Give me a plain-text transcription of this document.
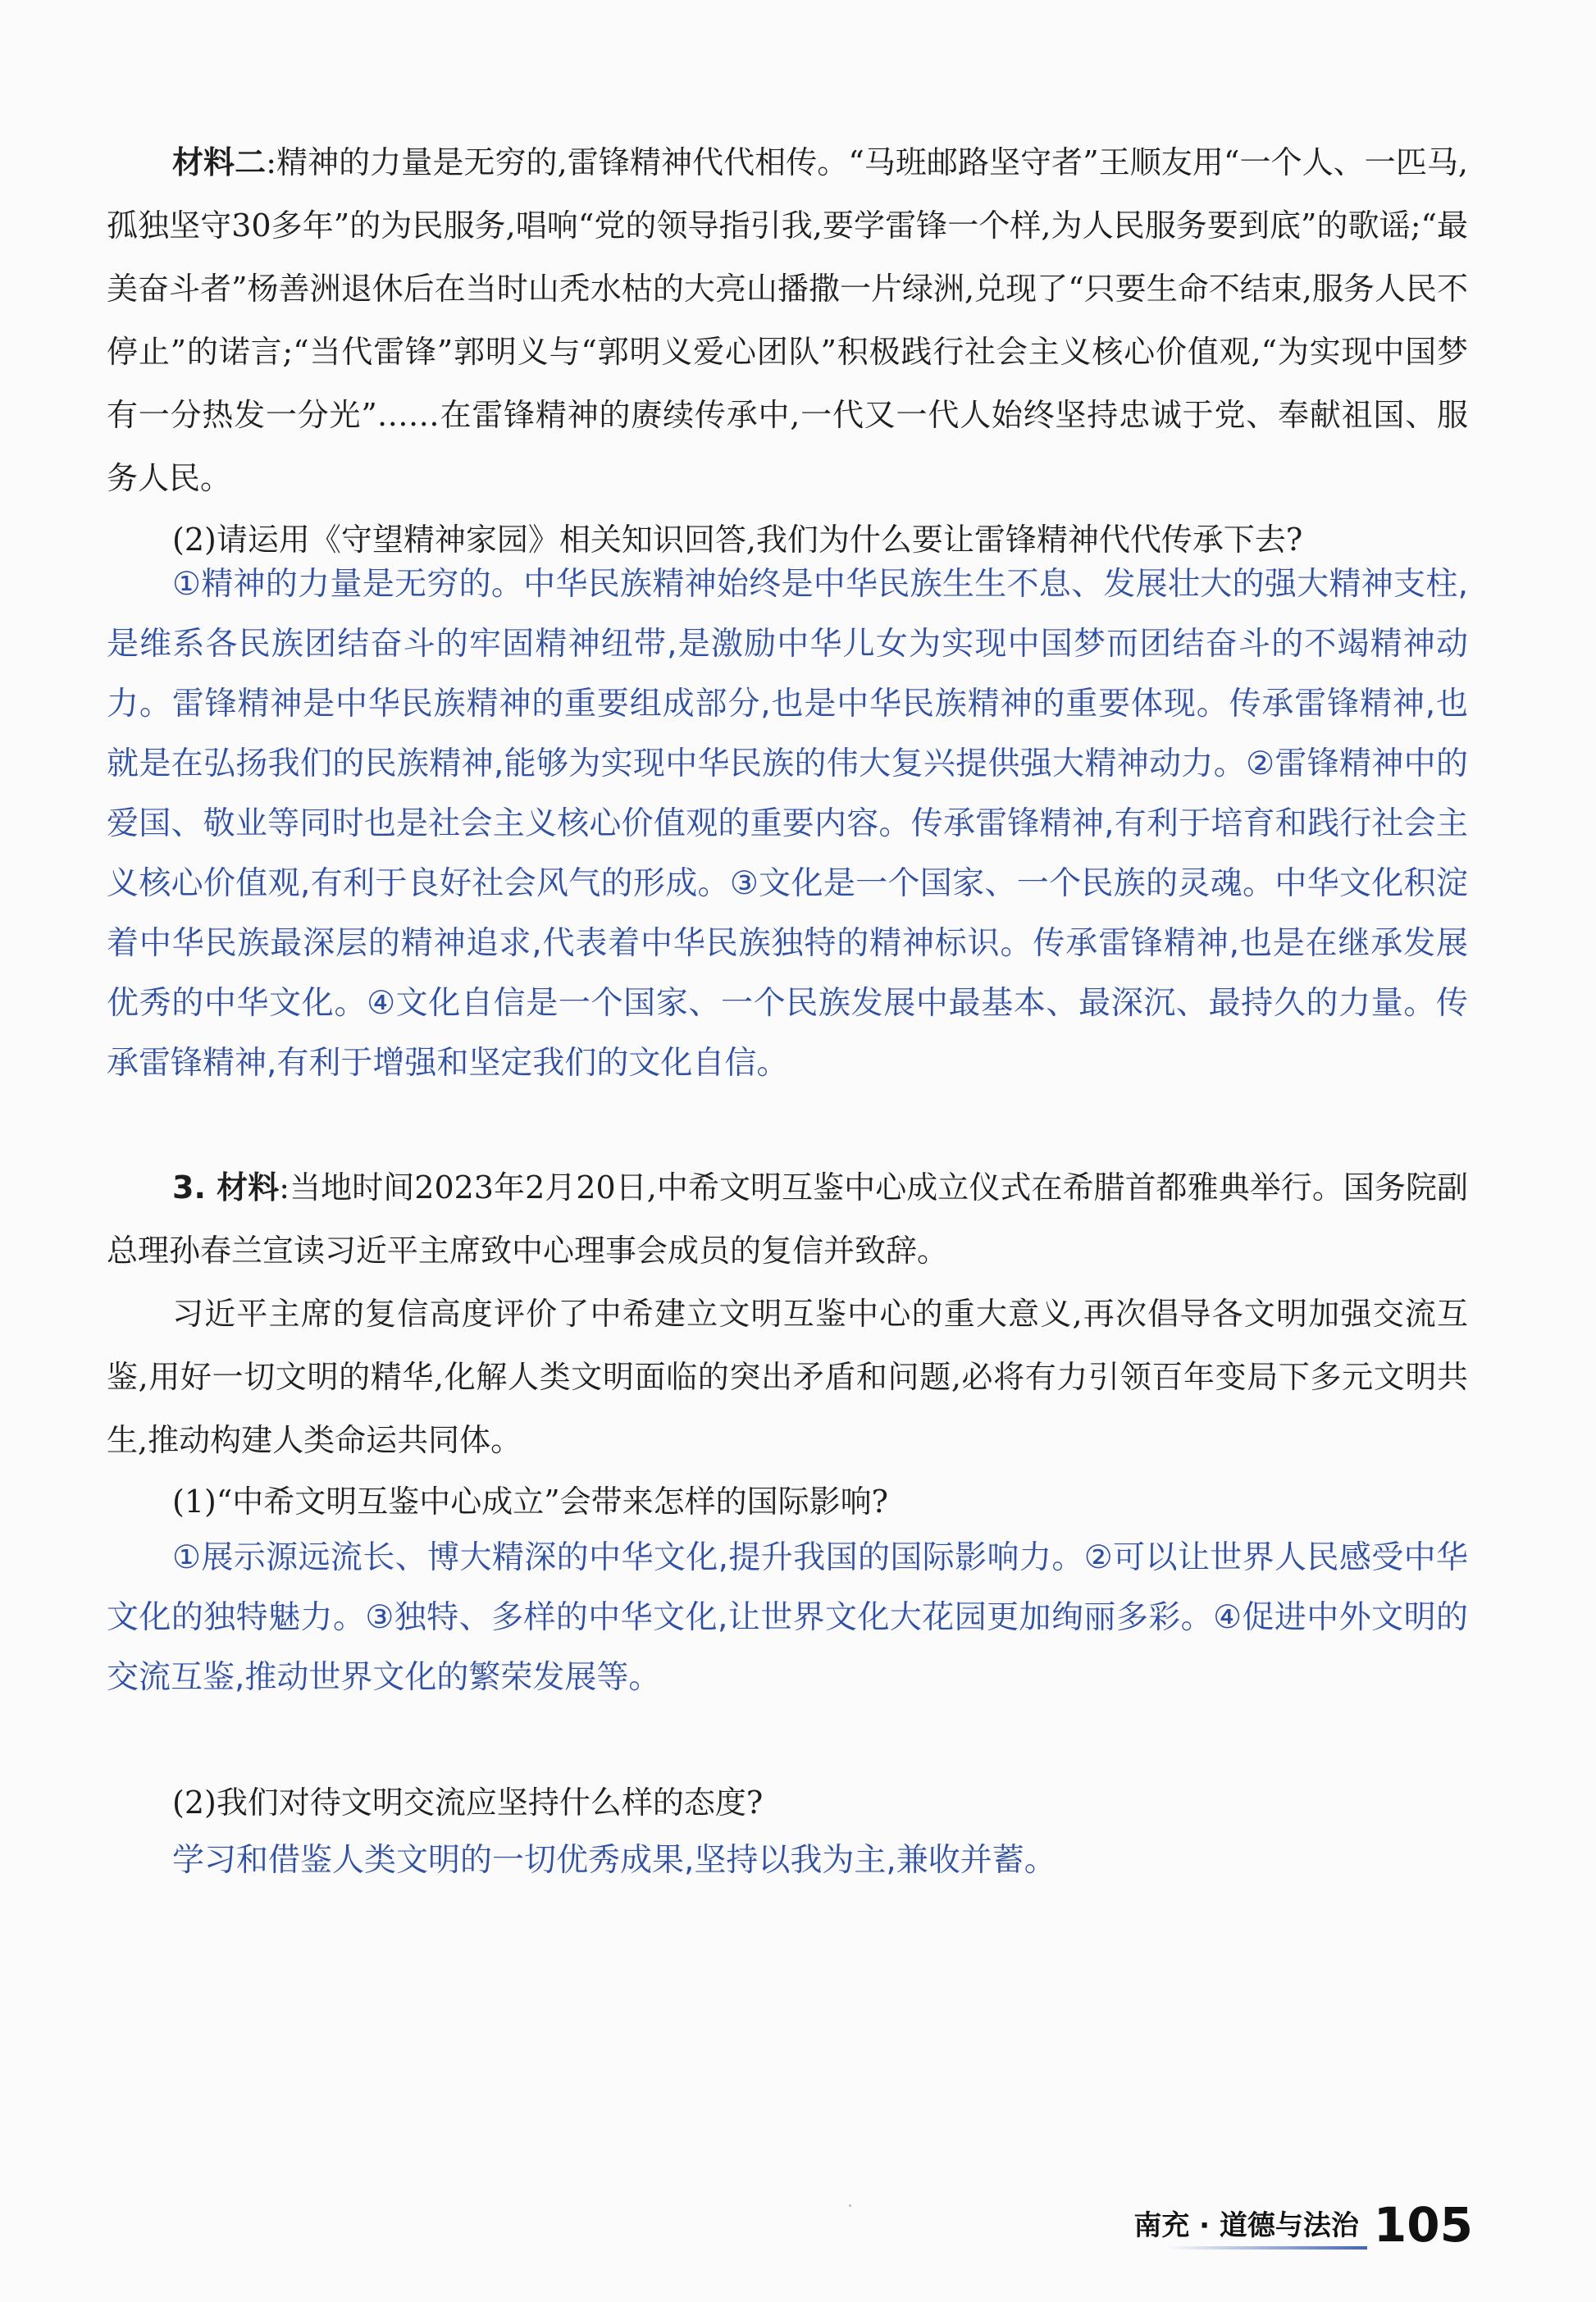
材料二:精神的力量是无穷的,雷锋精神代代相传。“马班邮路坚守者”王顺友用“一个人、一匹马,孤独坚守30多年”的为民服务,唱响“党的领导指引我,要学雷锋一个样,为人民服务要到底”的歌谣;“最美奋斗者”杨善洲退休后在当时山秃水枯的大亮山播撒一片绿洲,兑现了“只要生命不结束,服务人民不停止”的诺言;“当代雷锋”郭明义与“郭明义爱心团队”积极践行社会主义核心价值观,“为实现中国梦有一分热发一分光”……在雷锋精神的赓续传承中,一代又一代人始终坚持忠诚于党、奉献祖国、服务人民。

(2)请运用《守望精神家园》相关知识回答,我们为什么要让雷锋精神代代传承下去?

①精神的力量是无穷的。中华民族精神始终是中华民族生生不息、发展壮大的强大精神支柱,是维系各民族团结奋斗的牢固精神纽带,是激励中华儿女为实现中国梦而团结奋斗的不竭精神动力。雷锋精神是中华民族精神的重要组成部分,也是中华民族精神的重要体现。传承雷锋精神,也就是在弘扬我们的民族精神,能够为实现中华民族的伟大复兴提供强大精神动力。②雷锋精神中的爱国、敬业等同时也是社会主义核心价值观的重要内容。传承雷锋精神,有利于培育和践行社会主义核心价值观,有利于良好社会风气的形成。③文化是一个国家、一个民族的灵魂。中华文化积淀着中华民族最深层的精神追求,代表着中华民族独特的精神标识。传承雷锋精神,也是在继承发展优秀的中华文化。④文化自信是一个国家、一个民族发展中最基本、最深沉、最持久的力量。传承雷锋精神,有利于增强和坚定我们的文化自信。

3. 材料:当地时间2023年2月20日,中希文明互鉴中心成立仪式在希腊首都雅典举行。国务院副总理孙春兰宣读习近平主席致中心理事会成员的复信并致辞。

习近平主席的复信高度评价了中希建立文明互鉴中心的重大意义,再次倡导各文明加强交流互鉴,用好一切文明的精华,化解人类文明面临的突出矛盾和问题,必将有力引领百年变局下多元文明共生,推动构建人类命运共同体。

(1)“中希文明互鉴中心成立”会带来怎样的国际影响?

①展示源远流长、博大精深的中华文化,提升我国的国际影响力。②可以让世界人民感受中华文化的独特魅力。③独特、多样的中华文化,让世界文化大花园更加绚丽多彩。④促进中外文明的交流互鉴,推动世界文化的繁荣发展等。

(2)我们对待文明交流应坚持什么样的态度?

学习和借鉴人类文明的一切优秀成果,坚持以我为主,兼收并蓄。

南充 · 道德与法治 105
